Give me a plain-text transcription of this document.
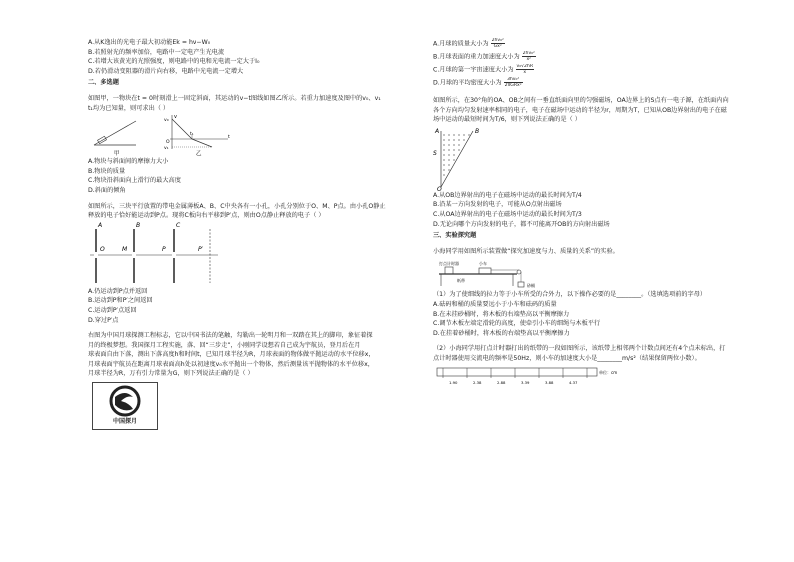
A.从K逸出的光电子最大初动能Ek = hν−W₀
B.若照射光的频率加倍，电路中一定电产生光电流
C.若增大该黄光的光照强度，则电路中的电和光电流一定大于I₀
D.若仍滑动变阻器的滑片向右移，电路中光电流一定增大
二、多选题
如图甲，一物块在t = 0时刻滑上一固定斜面，其运动的v−t图线如图乙所示。若重力加速度及图中的v₀、v₁
t₁均为已知量，则可求出（ ）
甲
v
v₀
v₁
O
t₁
t
乙
A.物块与斜面间的摩擦力大小
B.物块的质量
C.物块沿斜面向上滑行的最大高度
D.斜面的倾角
如图所示，三块平行放置的带电金属薄板A、B、C中央各有一小孔，小孔分别位于O、M、P点。由小孔O静止
释放的电子恰好能运动到P点。现将C板向右平移到P′点，则由O点静止释放的电子（ ）
A	B	C
O	M	P	P′
A.仍运动到P点并返回
B.运动到P和P′之间返回
C.运动到P′点返回
D.穿过P′点
右图为中国月球探测工程标志，它以中国书法的笔触，勾勒出一轮明月和一双踏在其上的脚印，象征着探
月的终极梦想。我国探月工程实施，落、回“三步走”，小刚同学设想若自己成为宇航员，登月后在月
球表面自由下落，测出下落高度h和时间t，已知月球半径为R，月球表面的物体做平抛运动的水平位移x，
月球表面宇航员在距离月球表面高h处以初速度v₀水平抛出一个物体，然后测量该平抛物体的水平位移x，
月球半径为R，万有引力常量为G，则下列说法正确的是（ ）
中国探月
A.月球的质量大小为 $\frac{\text{2hv₀²}}{\text{Gx²}}$
B.月球表面的重力加速度大小为 $\frac{\text{2hv₀²}}{\text{x²}}$
C.月球的第一宇宙速度大小为 $\frac{\text{v₀√2hR}}{x}$
D.月球的平均密度大小为 $\frac{\text{3hv₀²}}{\text{2πGRx²}}$
如图所示，在30°角的OA、OB之间有一垂直纸面向里的匀强磁场，OA边界上的S点有一电子源，在纸面内向
各个方向均匀发射速率相同的电子，电子在磁场中运动的半径为r，周期为T，已知从OB边界射出的电子在磁
场中运动的最短时间为T/6，则下列说法正确的是（ ）
A	B
S
O
A.从OB边界射出的电子在磁场中运动的最长时间为T/4
B.沿某一方向发射的电子，可能从O点射出磁场
C.从OA边界射出的电子在磁场中运动的最长时间为T/3
D.无论向哪个方向发射的电子，都不可能离开OB的方向射出磁场
三、实验探究题
小海同学用如图所示装置做“探究加速度与力、质量的关系”的实验。
打点计时器	小车
纸带
砂桶
（1）为了使细线的拉力等于小车所受的合外力，以下操作必要的是________。（选填选项前的字母）
A.砝码和桶的质量要远小于小车和砝码的质量
B.在未挂砂桶时，将木板的右端垫高以平衡摩擦力
C.调节木板左端定滑轮的高度，使牵引小车的细绳与木板平行
D.在挂着砂桶时，将木板的右端垫高以平衡摩擦力
（2）小海同学用打点计时器打出的纸带的一段如图所示，该纸带上相邻两个计数点间还有4个点未标出，打
点计时器使用交流电的频率是50Hz，则小车的加速度大小是________m/s²（结果保留两位小数）。
单位：cm
1.90	2.38	2.88	3.39	3.88	4.37
